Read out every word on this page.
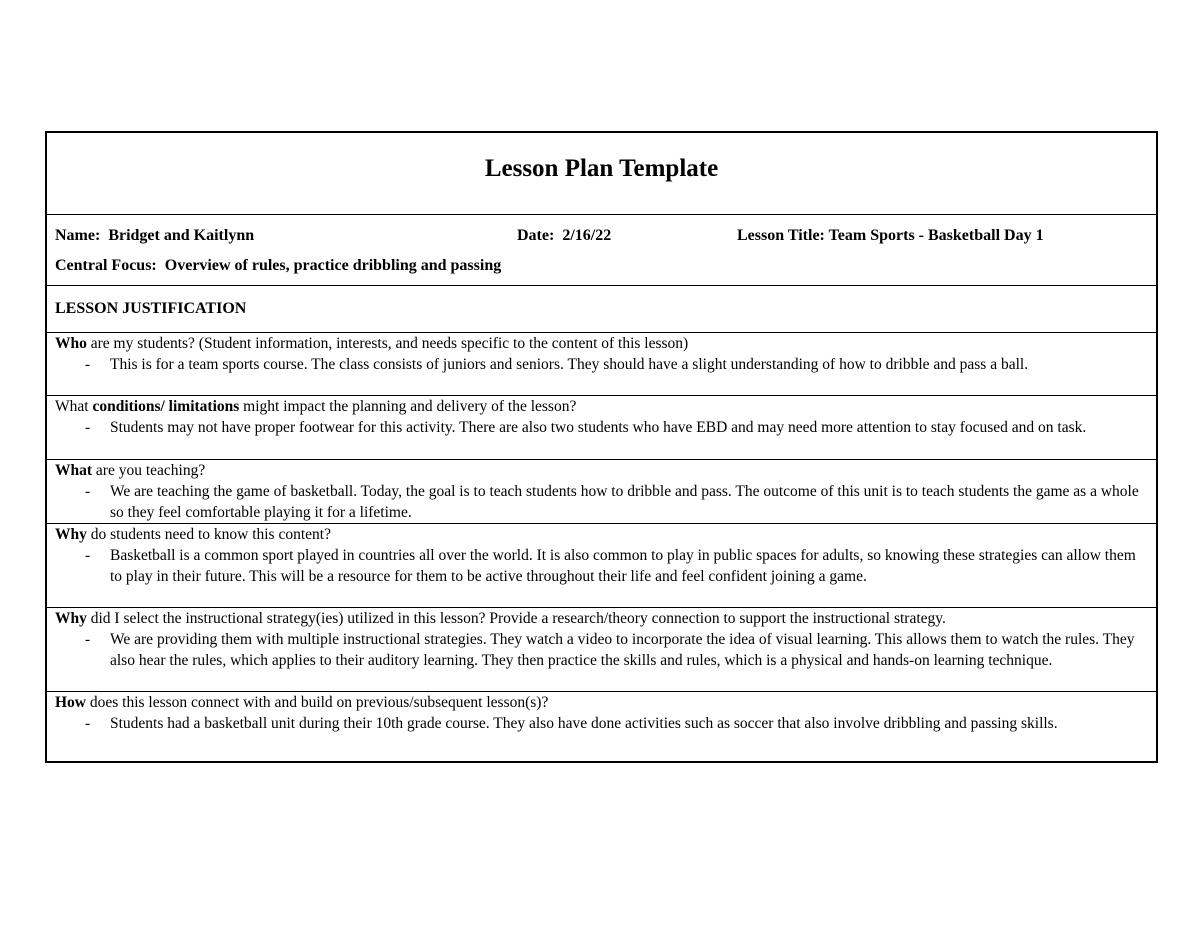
Lesson Plan Template
Name: Bridget and Kaitlynn	Date: 2/16/22	Lesson Title: Team Sports - Basketball Day 1
Central Focus: Overview of rules, practice dribbling and passing
LESSON JUSTIFICATION
Who are my students? (Student information, interests, and needs specific to the content of this lesson)
- This is for a team sports course. The class consists of juniors and seniors. They should have a slight understanding of how to dribble and pass a ball.
What conditions/ limitations might impact the planning and delivery of the lesson?
- Students may not have proper footwear for this activity. There are also two students who have EBD and may need more attention to stay focused and on task.
What are you teaching?
- We are teaching the game of basketball. Today, the goal is to teach students how to dribble and pass. The outcome of this unit is to teach students the game as a whole so they feel comfortable playing it for a lifetime.
Why do students need to know this content?
- Basketball is a common sport played in countries all over the world. It is also common to play in public spaces for adults, so knowing these strategies can allow them to play in their future. This will be a resource for them to be active throughout their life and feel confident joining a game.
Why did I select the instructional strategy(ies) utilized in this lesson? Provide a research/theory connection to support the instructional strategy.
- We are providing them with multiple instructional strategies. They watch a video to incorporate the idea of visual learning. This allows them to watch the rules. They also hear the rules, which applies to their auditory learning. They then practice the skills and rules, which is a physical and hands-on learning technique.
How does this lesson connect with and build on previous/subsequent lesson(s)?
- Students had a basketball unit during their 10th grade course. They also have done activities such as soccer that also involve dribbling and passing skills.
